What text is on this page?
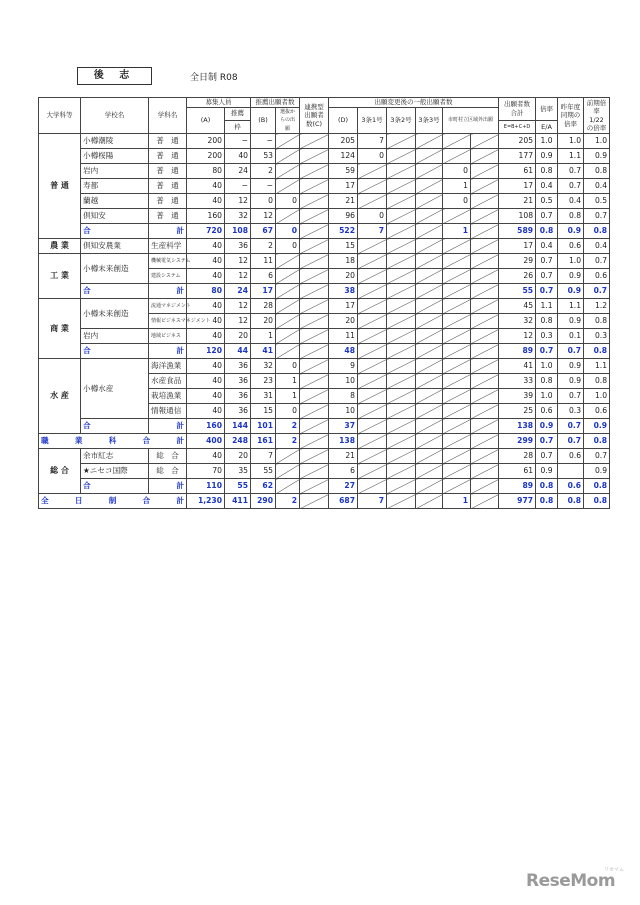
後 志	全日制 R08
大学科等	学校名	学科名	募集人員		推薦出願者数		連携型出願者数(C)	出願変更後の一般出願者数						出願者数合計	倍率	昨年度同期の倍率	前期倍率1/22の倍率
			(A)	推薦	(B)	選抜からの出願		(D)	3条1号	3条2号	3条3号	市町村立区域外出願					
				枠										E=B+C+D	E/A		
普 通	小樽潮陵	普 通	200	−	−			205	7					205	1.0	1.0	1.0
	小樽桜陽	普 通	200	40	53			124	0					177	0.9	1.1	0.9
	岩内	普 通	80	24	2			59				0		61	0.8	0.7	0.8
	寿都	普 通	40	−	−			17				1		17	0.4	0.7	0.4
	蘭越	普 通	40	12	0	0		21				0		21	0.5	0.4	0.5
	倶知安	普 通	160	32	12			96	0					108	0.7	0.8	0.7
	合	計	720	108	67	0		522	7			1		589	0.8	0.9	0.8
農 業	倶知安農業	生産科学	40	36	2	0		15						17	0.4	0.6	0.4
工 業	小樽未来創造	機械電気システム	40	12	11			18						29	0.7	1.0	0.7
		建設システム	40	12	6			20						26	0.7	0.9	0.6
	合	計	80	24	17			38						55	0.7	0.9	0.7
商 業	小樽未来創造	流通マネジメント	40	12	28			17						45	1.1	1.1	1.2
		情報ビジネスマネジメント	40	12	20			20						32	0.8	0.9	0.8
	岩内	地域ビジネス	40	20	1			11						12	0.3	0.1	0.3
	合	計	120	44	41			48						89	0.7	0.7	0.8
水 産	小樽水産	海洋漁業	40	36	32	0		9						41	1.0	0.9	1.1
		水産食品	40	36	23	1		10						33	0.8	0.9	0.8
		栽培漁業	40	36	31	1		8						39	1.0	0.7	1.0
		情報通信	40	36	15	0		10						25	0.6	0.3	0.6
	合	計	160	144	101	2		37						138	0.9	0.7	0.9

職 業 科 合 計			400	248	161	2		138						299	0.7	0.7	0.8
総 合	余市紅志	総 合	40	20	7			21						28	0.7	0.6	0.7
	★ニセコ国際	総 合	70	35	55			6						61	0.9		0.9
	合	計	110	55	62			27						89	0.8	0.6	0.8

全 日 制 合 計			1,230	411	290	2		687	7			1		977	0.8	0.8	0.8
ReseMom
リセマム
